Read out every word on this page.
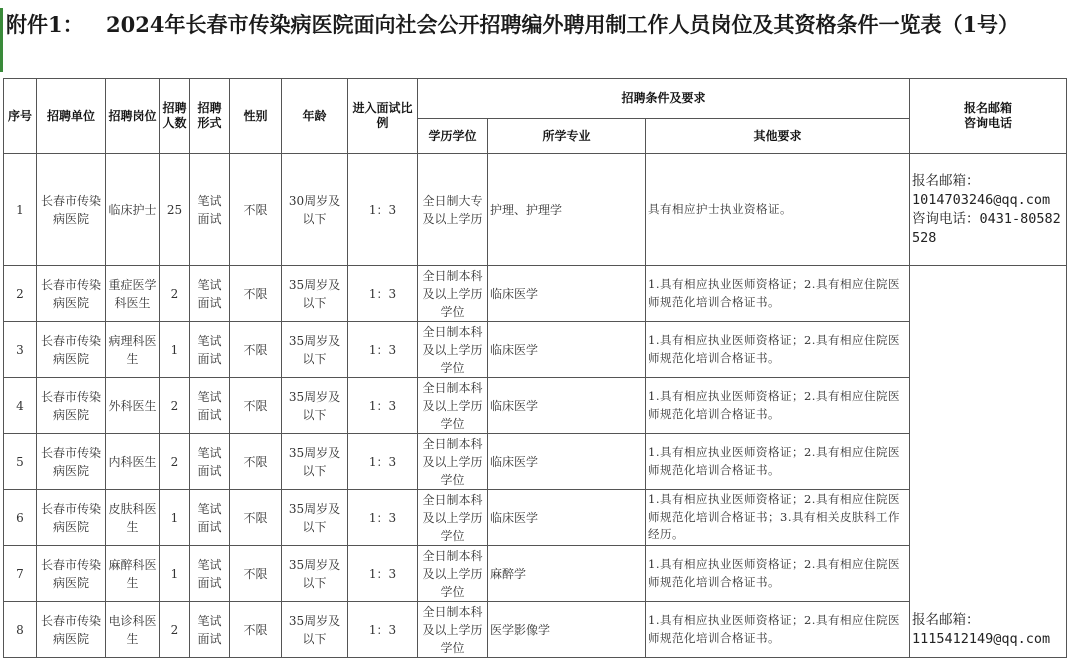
附件1： 2024年长春市传染病医院面向社会公开招聘编外聘用制工作人员岗位及其资格条件一览表（1号）
序号	招聘单位	招聘岗位	招聘人数	招聘形式	性别	年龄	进入面试比例	招聘条件及要求			报名邮箱
咨询电话
								学历学位	所学专业	其他要求	
1	长春市传染病医院	临床护士	25	笔试面试	不限	30周岁及以下	1：3	全日制大专及以上学历	护理、护理学	具有相应护士执业资格证。	报名邮箱：
1014703246@qq.com
咨询电话：0431-80582528
2	长春市传染病医院	重症医学科医生	2	笔试面试	不限	35周岁及以下	1：3	全日制本科及以上学历学位	临床医学	1.具有相应执业医师资格证；2.具有相应住院医师规范化培训合格证书。	报名邮箱：
1115412149@qq.com
3	长春市传染病医院	病理科医生	1	笔试面试	不限	35周岁及以下	1：3	全日制本科及以上学历学位	临床医学	1.具有相应执业医师资格证；2.具有相应住院医师规范化培训合格证书。	
4	长春市传染病医院	外科医生	2	笔试面试	不限	35周岁及以下	1：3	全日制本科及以上学历学位	临床医学	1.具有相应执业医师资格证；2.具有相应住院医师规范化培训合格证书。	
5	长春市传染病医院	内科医生	2	笔试面试	不限	35周岁及以下	1：3	全日制本科及以上学历学位	临床医学	1.具有相应执业医师资格证；2.具有相应住院医师规范化培训合格证书。	
6	长春市传染病医院	皮肤科医生	1	笔试面试	不限	35周岁及以下	1：3	全日制本科及以上学历学位	临床医学	1.具有相应执业医师资格证；2.具有相应住院医师规范化培训合格证书；3.具有相关皮肤科工作经历。	
7	长春市传染病医院	麻醉科医生	1	笔试面试	不限	35周岁及以下	1：3	全日制本科及以上学历学位	麻醉学	1.具有相应执业医师资格证；2.具有相应住院医师规范化培训合格证书。	
8	长春市传染病医院	电诊科医生	2	笔试面试	不限	35周岁及以下	1：3	全日制本科及以上学历学位	医学影像学	1.具有相应执业医师资格证；2.具有相应住院医师规范化培训合格证书。	
